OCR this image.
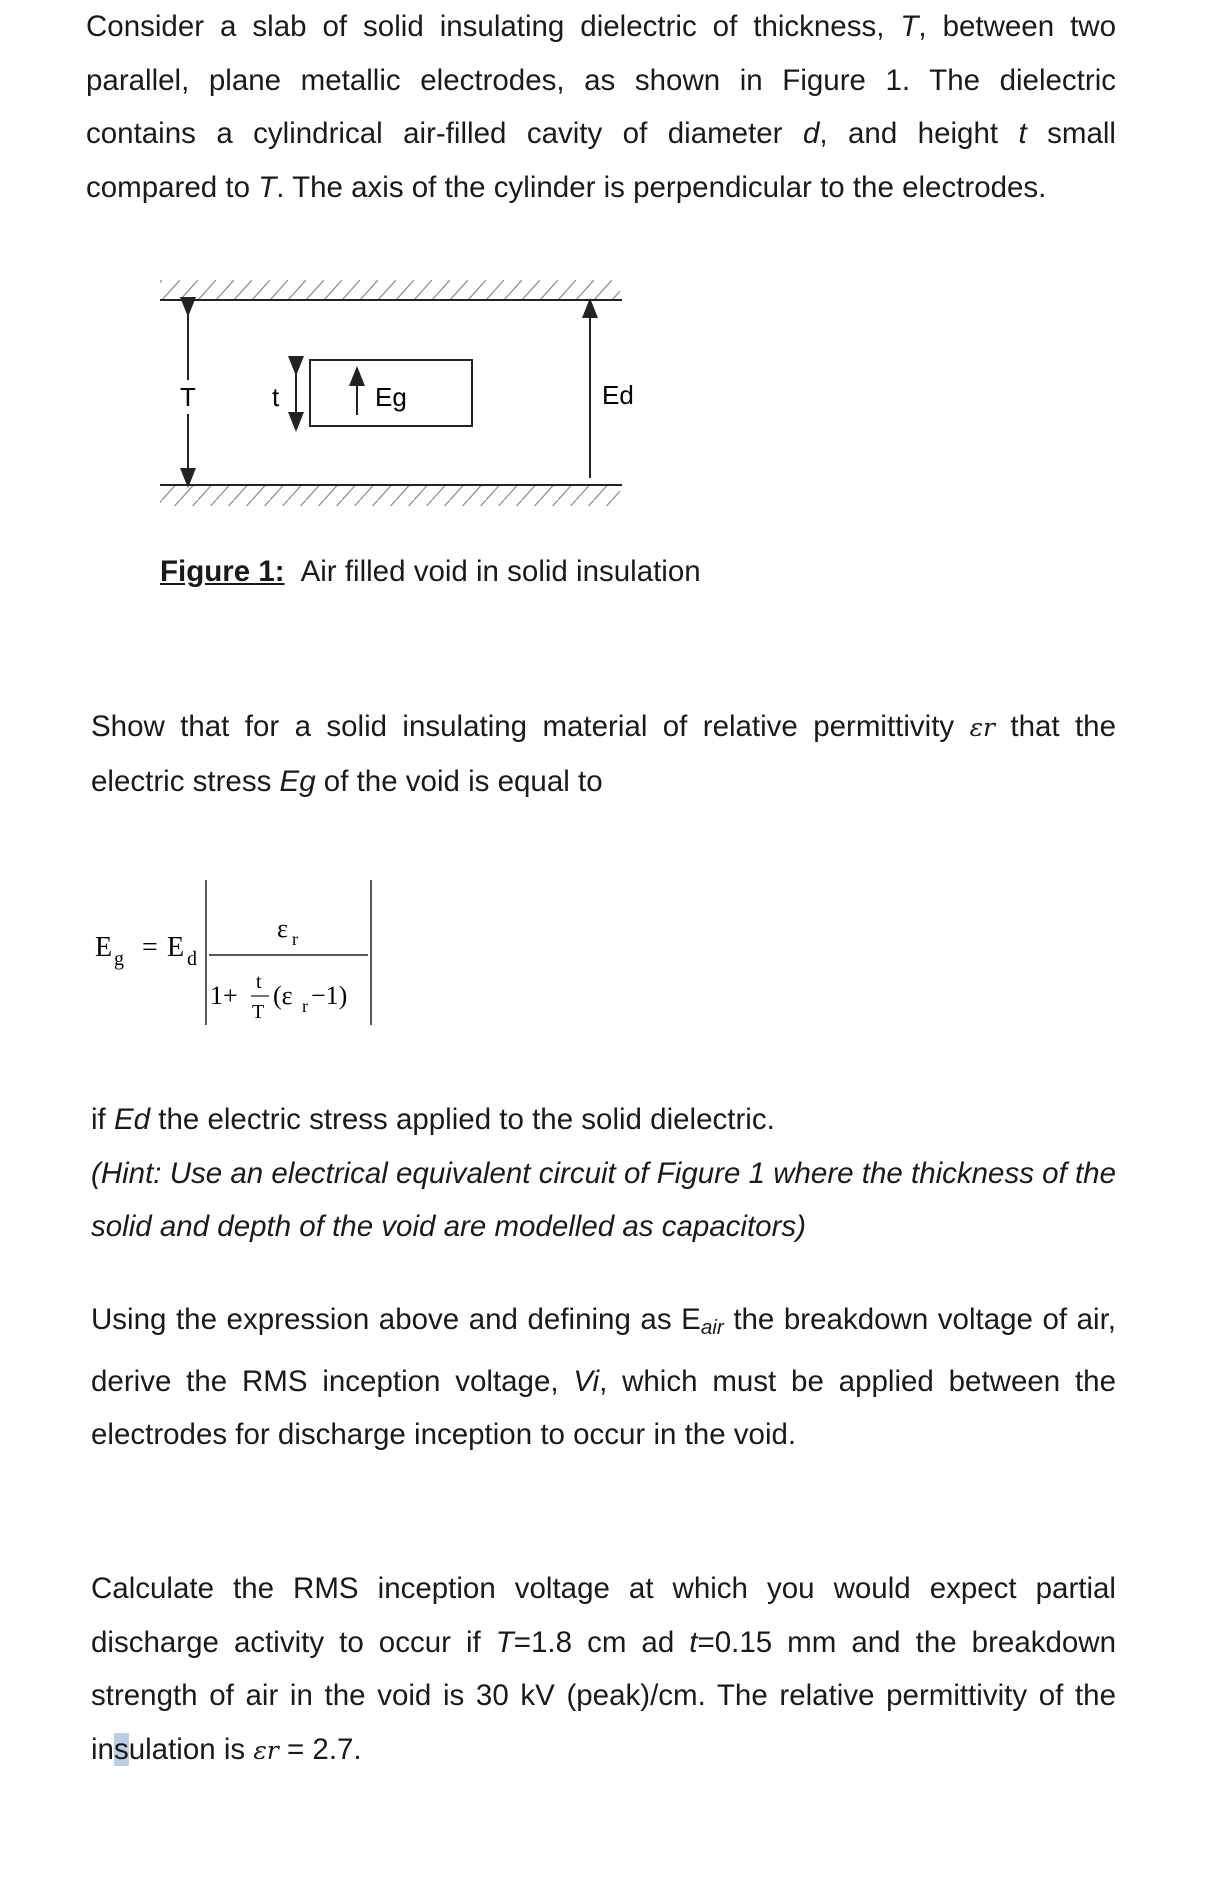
Consider a slab of solid insulating dielectric of thickness, T, between two parallel, plane metallic electrodes, as shown in Figure 1. The dielectric contains a cylindrical air-filled cavity of diameter d, and height t small compared to T. The axis of the cylinder is perpendicular to the electrodes.

T	t	Eg	Ed
Figure 1: Air filled void in solid insulation

Show that for a solid insulating material of relative permittivity εr that the electric stress Eg of the void is equal to

E g = E d
ε r
1+ t
T
(ε r −1)

if Ed the electric stress applied to the solid dielectric.
(Hint: Use an electrical equivalent circuit of Figure 1 where the thickness of the solid and depth of the void are modelled as capacitors)

Using the expression above and defining as $E_{air}$ the breakdown voltage of air, derive the RMS inception voltage, Vi, which must be applied between the electrodes for discharge inception to occur in the void.

Calculate the RMS inception voltage at which you would expect partial discharge activity to occur if T=1.8 cm ad t=0.15 mm and the breakdown strength of air in the void is 30 kV (peak)/cm. The relative permittivity of the insulation is εr = 2.7.
